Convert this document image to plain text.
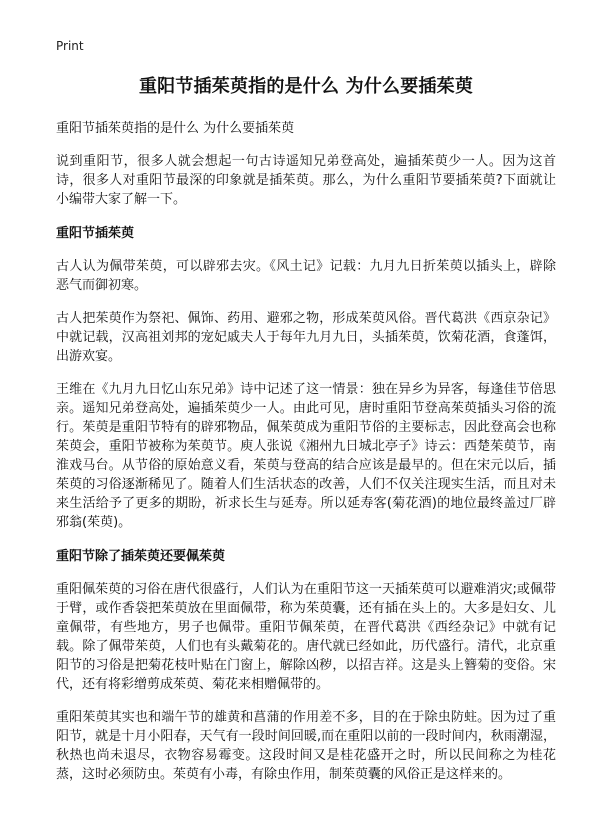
Print
重阳节插茱萸指的是什么 为什么要插茱萸
重阳节插茱萸指的是什么 为什么要插茱萸

说到重阳节，很多人就会想起一句古诗遥知兄弟登高处，遍插茱萸少一人。因为这首诗，很多人对重阳节最深的印象就是插茱萸。那么，为什么重阳节要插茱萸?下面就让小编带大家了解一下。

重阳节插茱萸

古人认为佩带茱萸，可以辟邪去灾。《风土记》记载：九月九日折茱萸以插头上，辟除恶气而御初寒。

古人把茱萸作为祭祀、佩饰、药用、避邪之物，形成茱萸风俗。晋代葛洪《西京杂记》中就记载，汉高祖刘邦的宠妃戚夫人于每年九月九日，头插茱萸，饮菊花酒，食蓬饵，出游欢宴。

王维在《九月九日忆山东兄弟》诗中记述了这一情景：独在异乡为异客，每逢佳节倍思亲。遥知兄弟登高处，遍插茱萸少一人。由此可见，唐时重阳节登高茱萸插头习俗的流行。茱萸是重阳节特有的辟邪物品，佩茱萸成为重阳节俗的主要标志，因此登高会也称茱萸会，重阳节被称为茱萸节。庾人张说《湘州九日城北亭子》诗云：西楚茱萸节，南淮戏马台。从节俗的原始意义看，茱萸与登高的结合应该是最早的。但在宋元以后，插茱萸的习俗逐渐稀见了。随着人们生活状态的改善，人们不仅关注现实生活，而且对未来生活给予了更多的期盼，祈求长生与延寿。所以延寿客(菊花酒)的地位最终盖过厂辟邪翁(茱萸)。

重阳节除了插茱萸还要佩茱萸

重阳佩茱萸的习俗在唐代很盛行，人们认为在重阳节这一天插茱萸可以避难消灾;或佩带于臂，或作香袋把茱萸放在里面佩带，称为茱萸囊，还有插在头上的。大多是妇女、儿童佩带，有些地方，男子也佩带。重阳节佩茱萸，在晋代葛洪《西经杂记》中就有记载。除了佩带茱萸，人们也有头戴菊花的。唐代就已经如此，历代盛行。清代，北京重阳节的习俗是把菊花枝叶贴在门窗上，解除凶秽，以招吉祥。这是头上簪菊的变俗。宋代，还有将彩缯剪成茱萸、菊花来相赠佩带的。

重阳茱萸其实也和端午节的雄黄和菖蒲的作用差不多，目的在于除虫防蛀。因为过了重阳节，就是十月小阳春，天气有一段时间回暖,而在重阳以前的一段时间内，秋雨潮湿，秋热也尚未退尽，衣物容易霉变。这段时间又是桂花盛开之时，所以民间称之为桂花蒸，这时必须防虫。茱萸有小毒，有除虫作用，制茱萸囊的风俗正是这样来的。
